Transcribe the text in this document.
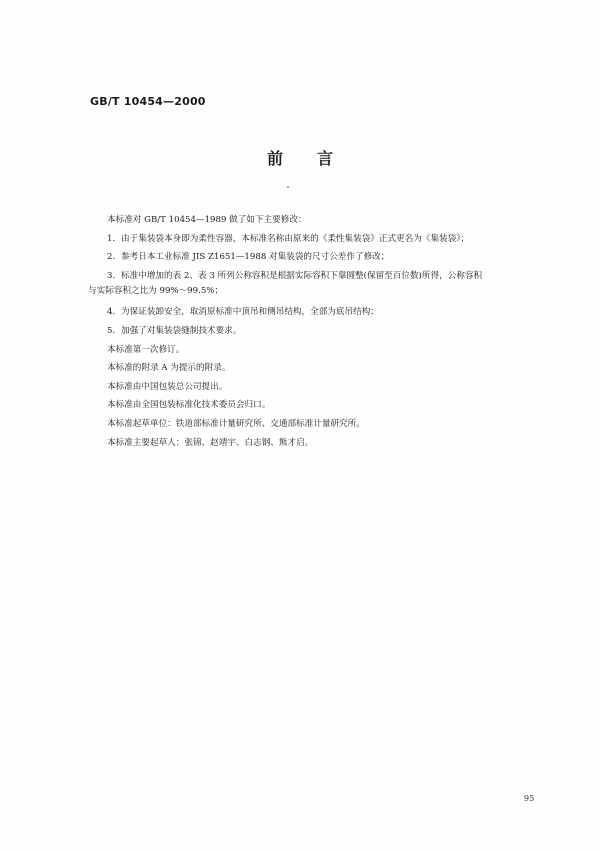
GB/T 10454—2000
前言

本标准对 GB/T 10454—1989 做了如下主要修改：

1．由于集装袋本身即为柔性容器，本标准名称由原来的《柔性集装袋》正式更名为《集装袋》；

2．参考日本工业标准 JIS Z1651—1988 对集装袋的尺寸公差作了修改；

3．标准中增加的表 2、表 3 所列公称容积是根据实际容积下靠圆整(保留至百位数)所得，公称容积

与实际容积之比为 99%～99.5%；

4．为保证装卸安全，取消原标准中顶吊和侧吊结构，全部为底吊结构；

5．加强了对集装袋缝制技术要求。

本标准第一次修订。

本标准的附录 A 为提示的附录。

本标准由中国包装总公司提出。

本标准由全国包装标准化技术委员会归口。

本标准起草单位：铁道部标准计量研究所、交通部标准计量研究所。

本标准主要起草人：张锦、赵靖宇、白志钢、熊才启。

95
